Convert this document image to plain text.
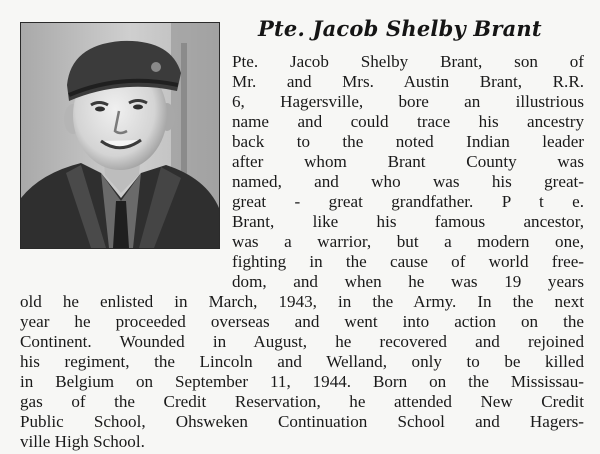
Pte. Jacob Shelby Brant

Pte. Jacob Shelby Brant, son of

Mr. and Mrs. Austin Brant, R.R.

6, Hagersville, bore an illustrious

name and could trace his ancestry

back to the noted Indian leader

after whom Brant County was

named, and who was his great-

great - great grandfather. P t e.

Brant, like his famous ancestor,

was a warrior, but a modern one,

fighting in the cause of world free-

dom, and when he was 19 years

old he enlisted in March, 1943, in the Army. In the next

year he proceeded overseas and went into action on the

Continent. Wounded in August, he recovered and rejoined

his regiment, the Lincoln and Welland, only to be killed

in Belgium on September 11, 1944. Born on the Mississau-

gas of the Credit Reservation, he attended New Credit

Public School, Ohsweken Continuation School and Hagers-

ville High School.
